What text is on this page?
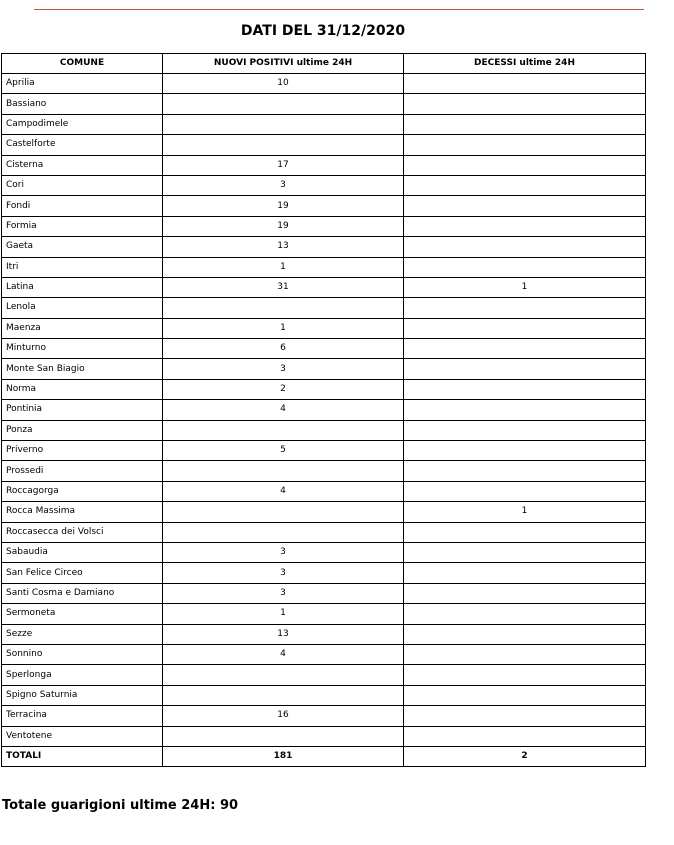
DATI DEL 31/12/2020
COMUNE	NUOVI POSITIVI ultime 24H	DECESSI ultime 24H
Aprilia	10	
Bassiano		
Campodimele		
Castelforte		
Cisterna	17	
Cori	3	
Fondi	19	
Formia	19	
Gaeta	13	
Itri	1	
Latina	31	1
Lenola		
Maenza	1	
Minturno	6	
Monte San Biagio	3	
Norma	2	
Pontinia	4	
Ponza		
Priverno	5	
Prossedi		
Roccagorga	4	
Rocca Massima		1
Roccasecca dei Volsci		
Sabaudia	3	
San Felice Circeo	3	
Santi Cosma e Damiano	3	
Sermoneta	1	
Sezze	13	
Sonnino	4	
Sperlonga		
Spigno Saturnia		
Terracina	16	
Ventotene		
TOTALI	181	2
Totale guarigioni ultime 24H: 90
